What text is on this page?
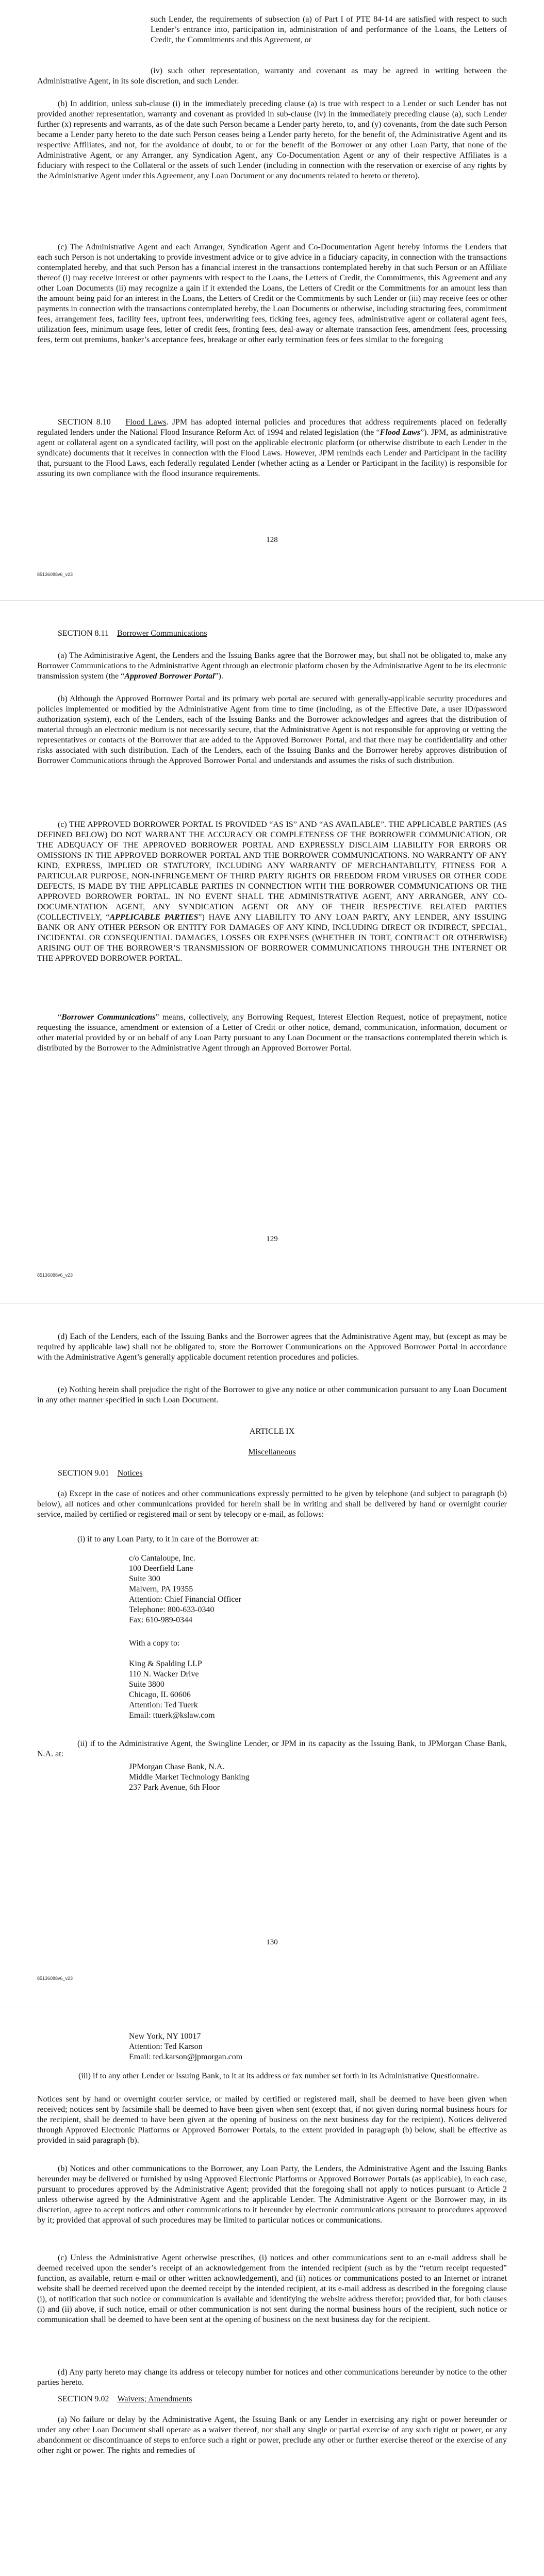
such Lender, the requirements of subsection (a) of Part I of PTE 84-14 are satisfied with respect to such Lender’s entrance into, participation in, administration of and performance of the Loans, the Letters of Credit, the Commitments and this Agreement, or

(iv) such other representation, warranty and covenant as may be agreed in writing between the Administrative Agent, in its sole discretion, and such Lender.

(b) In addition, unless sub-clause (i) in the immediately preceding clause (a) is true with respect to a Lender or such Lender has not provided another representation, warranty and covenant as provided in sub-clause (iv) in the immediately preceding clause (a), such Lender further (x) represents and warrants, as of the date such Person became a Lender party hereto, to, and (y) covenants, from the date such Person became a Lender party hereto to the date such Person ceases being a Lender party hereto, for the benefit of, the Administrative Agent and its respective Affiliates, and not, for the avoidance of doubt, to or for the benefit of the Borrower or any other Loan Party, that none of the Administrative Agent, or any Arranger, any Syndication Agent, any Co-Documentation Agent or any of their respective Affiliates is a fiduciary with respect to the Collateral or the assets of such Lender (including in connection with the reservation or exercise of any rights by the Administrative Agent under this Agreement, any Loan Document or any documents related to hereto or thereto).

(c) The Administrative Agent and each Arranger, Syndication Agent and Co-Documentation Agent hereby informs the Lenders that each such Person is not undertaking to provide investment advice or to give advice in a fiduciary capacity, in connection with the transactions contemplated hereby, and that such Person has a financial interest in the transactions contemplated hereby in that such Person or an Affiliate thereof (i) may receive interest or other payments with respect to the Loans, the Letters of Credit, the Commitments, this Agreement and any other Loan Documents (ii) may recognize a gain if it extended the Loans, the Letters of Credit or the Commitments for an amount less than the amount being paid for an interest in the Loans, the Letters of Credit or the Commitments by such Lender or (iii) may receive fees or other payments in connection with the transactions contemplated hereby, the Loan Documents or otherwise, including structuring fees, commitment fees, arrangement fees, facility fees, upfront fees, underwriting fees, ticking fees, agency fees, administrative agent or collateral agent fees, utilization fees, minimum usage fees, letter of credit fees, fronting fees, deal-away or alternate transaction fees, amendment fees, processing fees, term out premiums, banker’s acceptance fees, breakage or other early termination fees or fees similar to the foregoing

SECTION 8.10 Flood Laws. JPM has adopted internal policies and procedures that address requirements placed on federally regulated lenders under the National Flood Insurance Reform Act of 1994 and related legislation (the “Flood Laws”). JPM, as administrative agent or collateral agent on a syndicated facility, will post on the applicable electronic platform (or otherwise distribute to each Lender in the syndicate) documents that it receives in connection with the Flood Laws. However, JPM reminds each Lender and Participant in the facility that, pursuant to the Flood Laws, each federally regulated Lender (whether acting as a Lender or Participant in the facility) is responsible for assuring its own compliance with the flood insurance requirements.

128
85136088v6_v23

SECTION 8.11 Borrower Communications

(a) The Administrative Agent, the Lenders and the Issuing Banks agree that the Borrower may, but shall not be obligated to, make any Borrower Communications to the Administrative Agent through an electronic platform chosen by the Administrative Agent to be its electronic transmission system (the “Approved Borrower Portal”).

(b) Although the Approved Borrower Portal and its primary web portal are secured with generally-applicable security procedures and policies implemented or modified by the Administrative Agent from time to time (including, as of the Effective Date, a user ID/password authorization system), each of the Lenders, each of the Issuing Banks and the Borrower acknowledges and agrees that the distribution of material through an electronic medium is not necessarily secure, that the Administrative Agent is not responsible for approving or vetting the representatives or contacts of the Borrower that are added to the Approved Borrower Portal, and that there may be confidentiality and other risks associated with such distribution. Each of the Lenders, each of the Issuing Banks and the Borrower hereby approves distribution of Borrower Communications through the Approved Borrower Portal and understands and assumes the risks of such distribution.

(c) THE APPROVED BORROWER PORTAL IS PROVIDED “AS IS” AND “AS AVAILABLE”. THE APPLICABLE PARTIES (AS DEFINED BELOW) DO NOT WARRANT THE ACCURACY OR COMPLETENESS OF THE BORROWER COMMUNICATION, OR THE ADEQUACY OF THE APPROVED BORROWER PORTAL AND EXPRESSLY DISCLAIM LIABILITY FOR ERRORS OR OMISSIONS IN THE APPROVED BORROWER PORTAL AND THE BORROWER COMMUNICATIONS. NO WARRANTY OF ANY KIND, EXPRESS, IMPLIED OR STATUTORY, INCLUDING ANY WARRANTY OF MERCHANTABILITY, FITNESS FOR A PARTICULAR PURPOSE, NON-INFRINGEMENT OF THIRD PARTY RIGHTS OR FREEDOM FROM VIRUSES OR OTHER CODE DEFECTS, IS MADE BY THE APPLICABLE PARTIES IN CONNECTION WITH THE BORROWER COMMUNICATIONS OR THE APPROVED BORROWER PORTAL. IN NO EVENT SHALL THE ADMINISTRATIVE AGENT, ANY ARRANGER, ANY CO-DOCUMENTATION AGENT, ANY SYNDICATION AGENT OR ANY OF THEIR RESPECTIVE RELATED PARTIES (COLLECTIVELY, “APPLICABLE PARTIES”) HAVE ANY LIABILITY TO ANY LOAN PARTY, ANY LENDER, ANY ISSUING BANK OR ANY OTHER PERSON OR ENTITY FOR DAMAGES OF ANY KIND, INCLUDING DIRECT OR INDIRECT, SPECIAL, INCIDENTAL OR CONSEQUENTIAL DAMAGES, LOSSES OR EXPENSES (WHETHER IN TORT, CONTRACT OR OTHERWISE) ARISING OUT OF THE BORROWER’S TRANSMISSION OF BORROWER COMMUNICATIONS THROUGH THE INTERNET OR THE APPROVED BORROWER PORTAL.

“Borrower Communications” means, collectively, any Borrowing Request, Interest Election Request, notice of prepayment, notice requesting the issuance, amendment or extension of a Letter of Credit or other notice, demand, communication, information, document or other material provided by or on behalf of any Loan Party pursuant to any Loan Document or the transactions contemplated therein which is distributed by the Borrower to the Administrative Agent through an Approved Borrower Portal.

129
85136088v6_v23

(d) Each of the Lenders, each of the Issuing Banks and the Borrower agrees that the Administrative Agent may, but (except as may be required by applicable law) shall not be obligated to, store the Borrower Communications on the Approved Borrower Portal in accordance with the Administrative Agent’s generally applicable document retention procedures and policies.

(e) Nothing herein shall prejudice the right of the Borrower to give any notice or other communication pursuant to any Loan Document in any other manner specified in such Loan Document.

ARTICLE IX

Miscellaneous

SECTION 9.01 Notices

(a) Except in the case of notices and other communications expressly permitted to be given by telephone (and subject to paragraph (b) below), all notices and other communications provided for herein shall be in writing and shall be delivered by hand or overnight courier service, mailed by certified or registered mail or sent by telecopy or e-mail, as follows:

(i) if to any Loan Party, to it in care of the Borrower at:

c/o Cantaloupe, Inc.
100 Deerfield Lane
Suite 300
Malvern, PA 19355
Attention: Chief Financial Officer
Telephone: 800-633-0340
Fax: 610-989-0344

With a copy to:

King & Spalding LLP
110 N. Wacker Drive
Suite 3800
Chicago, IL 60606
Attention: Ted Tuerk
Email: ttuerk@kslaw.com

(ii) if to the Administrative Agent, the Swingline Lender, or JPM in its capacity as the Issuing Bank, to JPMorgan Chase Bank, N.A. at:

JPMorgan Chase Bank, N.A.
Middle Market Technology Banking
237 Park Avenue, 6th Floor

130
85136088v6_v23

New York, NY 10017
Attention: Ted Karson
Email: ted.karson@jpmorgan.com

(iii) if to any other Lender or Issuing Bank, to it at its address or fax number set forth in its Administrative Questionnaire.

Notices sent by hand or overnight courier service, or mailed by certified or registered mail, shall be deemed to have been given when received; notices sent by facsimile shall be deemed to have been given when sent (except that, if not given during normal business hours for the recipient, shall be deemed to have been given at the opening of business on the next business day for the recipient). Notices delivered through Approved Electronic Platforms or Approved Borrower Portals, to the extent provided in paragraph (b) below, shall be effective as provided in said paragraph (b).

(b) Notices and other communications to the Borrower, any Loan Party, the Lenders, the Administrative Agent and the Issuing Banks hereunder may be delivered or furnished by using Approved Electronic Platforms or Approved Borrower Portals (as applicable), in each case, pursuant to procedures approved by the Administrative Agent; provided that the foregoing shall not apply to notices pursuant to Article 2 unless otherwise agreed by the Administrative Agent and the applicable Lender. The Administrative Agent or the Borrower may, in its discretion, agree to accept notices and other communications to it hereunder by electronic communications pursuant to procedures approved by it; provided that approval of such procedures may be limited to particular notices or communications.

(c) Unless the Administrative Agent otherwise prescribes, (i) notices and other communications sent to an e-mail address shall be deemed received upon the sender’s receipt of an acknowledgement from the intended recipient (such as by the “return receipt requested” function, as available, return e-mail or other written acknowledgement), and (ii) notices or communications posted to an Internet or intranet website shall be deemed received upon the deemed receipt by the intended recipient, at its e-mail address as described in the foregoing clause (i), of notification that such notice or communication is available and identifying the website address therefor; provided that, for both clauses (i) and (ii) above, if such notice, email or other communication is not sent during the normal business hours of the recipient, such notice or communication shall be deemed to have been sent at the opening of business on the next business day for the recipient.

(d) Any party hereto may change its address or telecopy number for notices and other communications hereunder by notice to the other parties hereto.

SECTION 9.02 Waivers; Amendments

(a) No failure or delay by the Administrative Agent, the Issuing Bank or any Lender in exercising any right or power hereunder or under any other Loan Document shall operate as a waiver thereof, nor shall any single or partial exercise of any such right or power, or any abandonment or discontinuance of steps to enforce such a right or power, preclude any other or further exercise thereof or the exercise of any other right or power. The rights and remedies of
